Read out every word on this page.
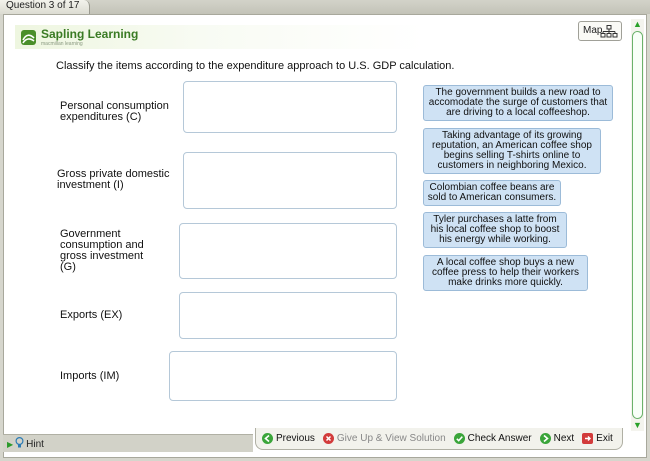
Question 3 of 17
Sapling Learning
macmillan learning
Map
Classify the items according to the expenditure approach to U.S. GDP calculation.
Personal consumption expenditures (C)
Gross private domestic investment (I)
Government consumption and gross investment (G)
Exports (EX)
Imports (IM)
The government builds a new road to accomodate the surge of customers that are driving to a local coffeeshop.
Taking advantage of its growing reputation, an American coffee shop begins selling T-shirts online to customers in neighboring Mexico.
Colombian coffee beans are sold to American consumers.
Tyler purchases a latte from his local coffee shop to boost his energy while working.
A local coffee shop buys a new coffee press to help their workers make drinks more quickly.
▲
▼
▶ Hint
Previous Give Up & View Solution Check Answer Next Exit
